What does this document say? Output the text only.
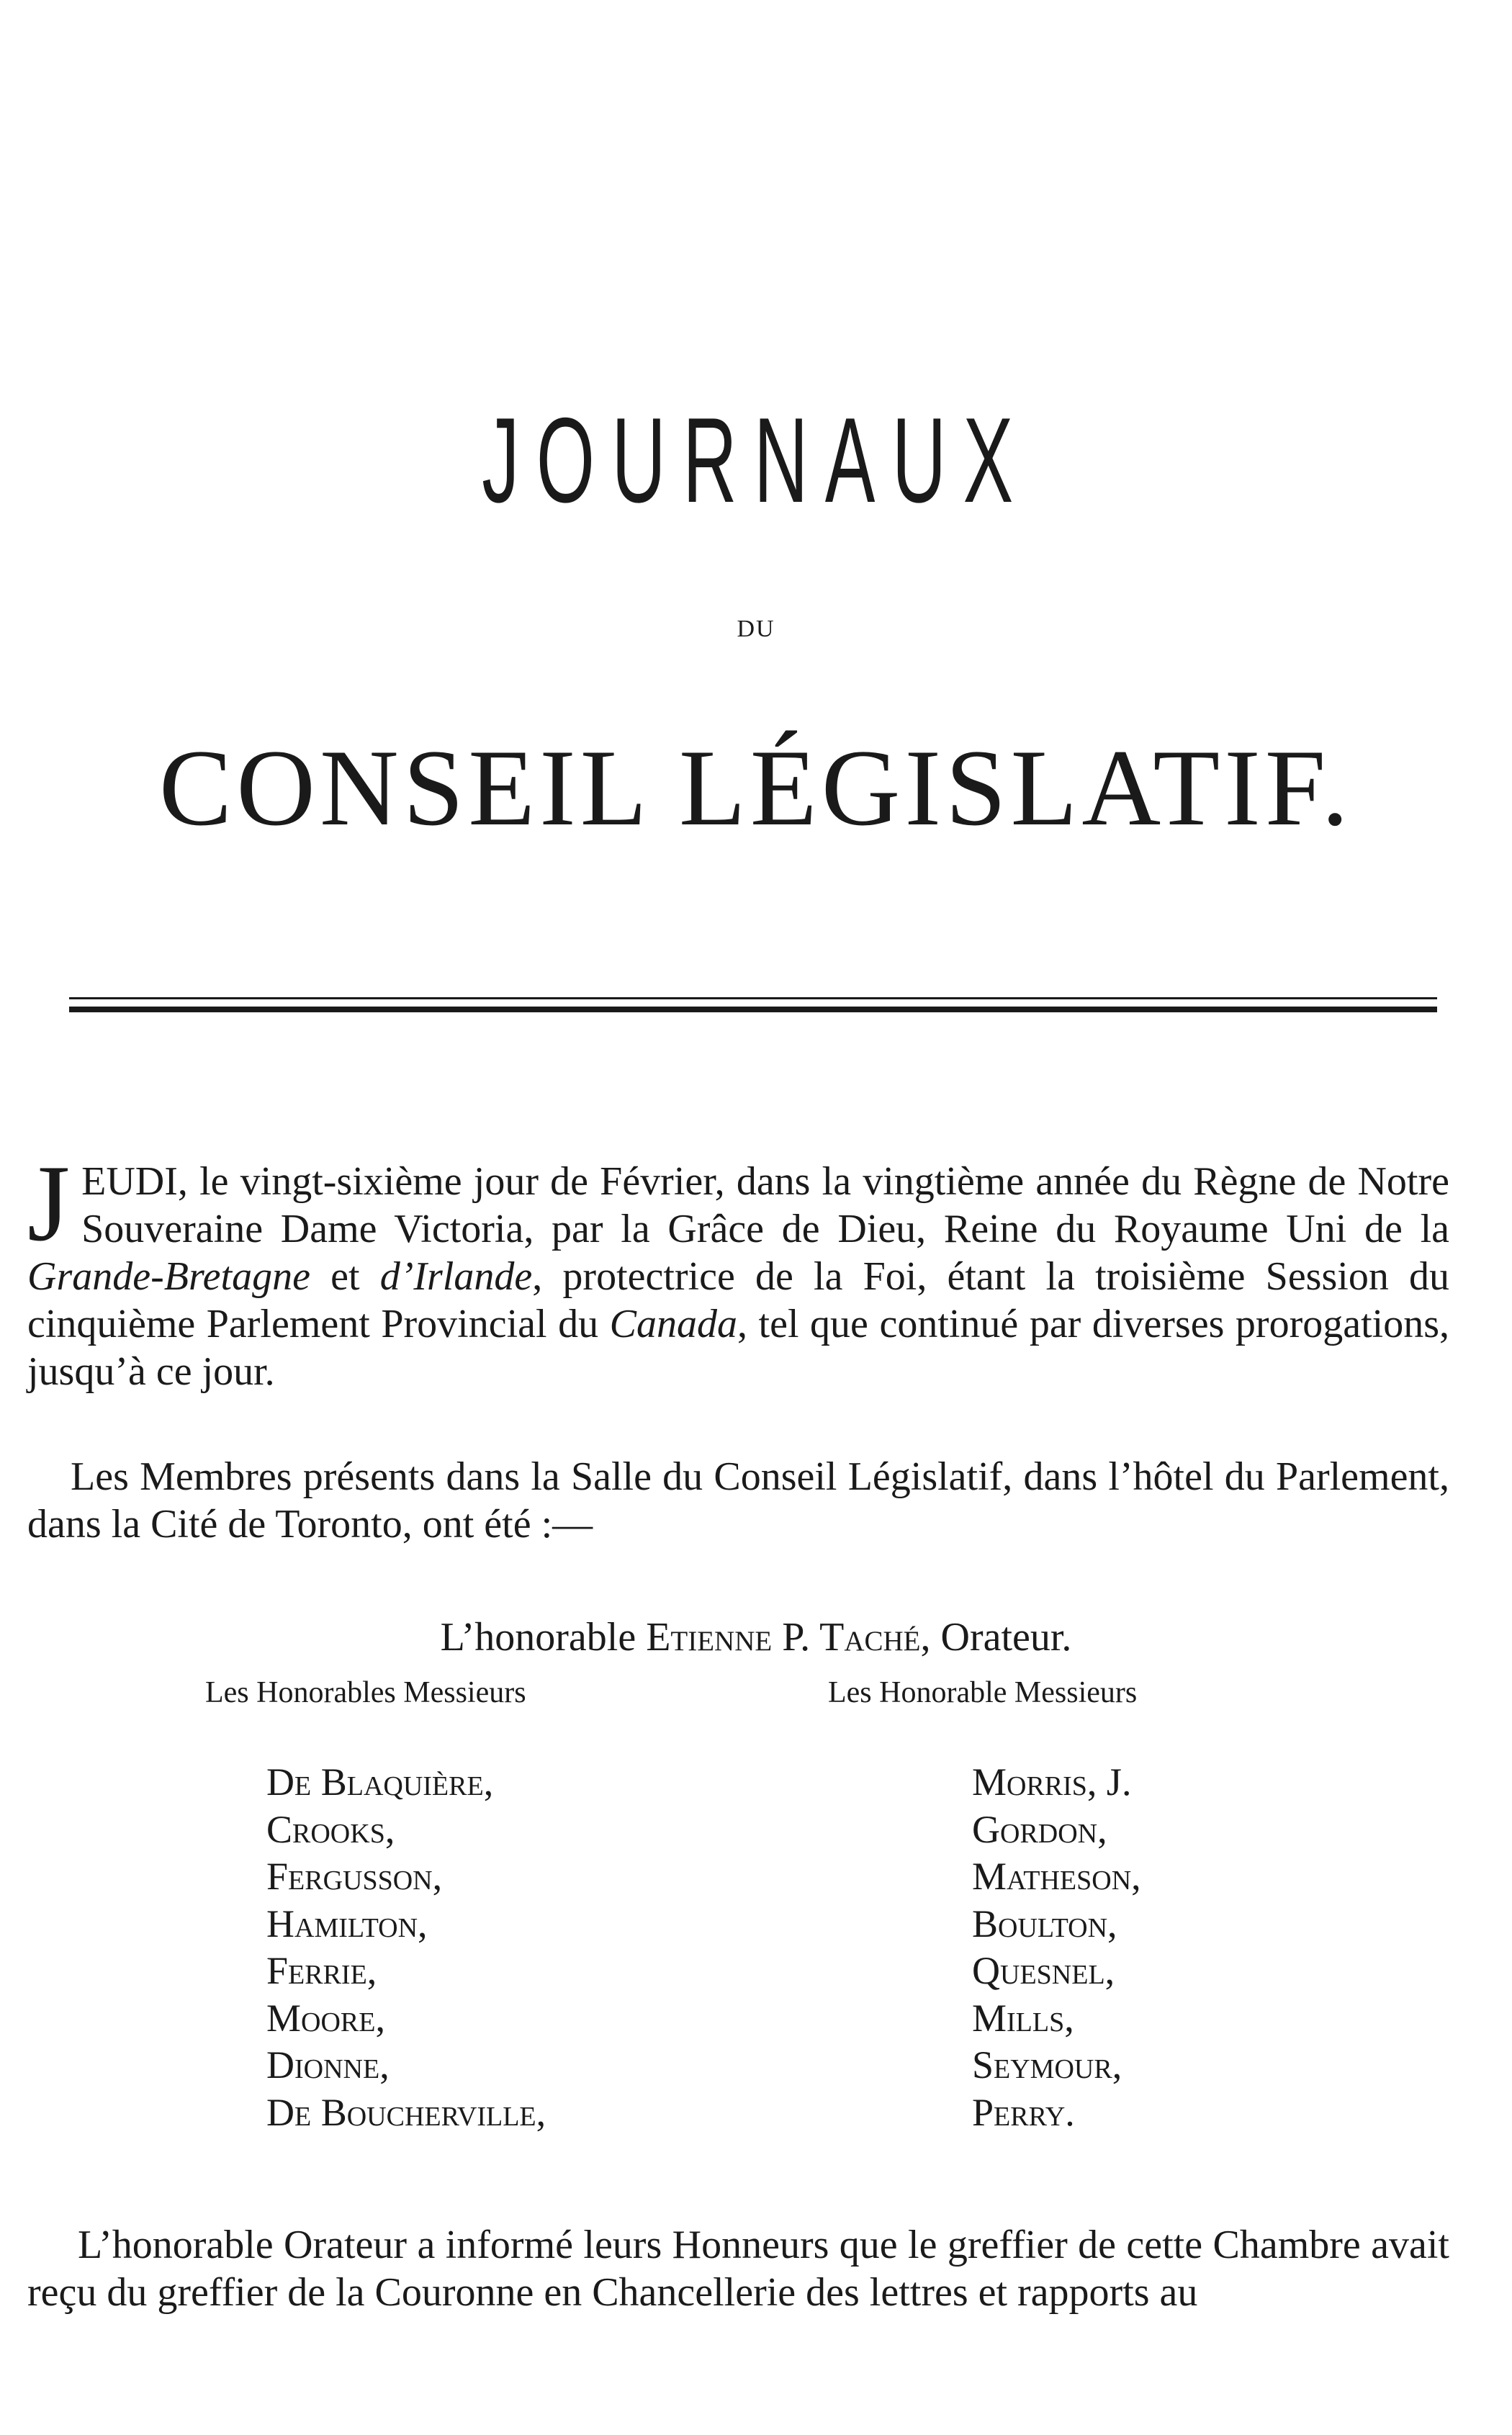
JOURNAUX
DU
CONSEIL LÉGISLATIF.

JEUDI, le vingt-sixième jour de Février, dans la vingtième année du Règne de Notre Souveraine Dame Victoria, par la Grâce de Dieu, Reine du Royaume Uni de la Grande-Bretagne et d’Irlande, protectrice de la Foi, étant la troisième Session du cinquième Parlement Provincial du Canada, tel que continué par diverses prorogations, jusqu’à ce jour.

Les Membres présents dans la Salle du Conseil Législatif, dans l’hôtel du Parlement, dans la Cité de Toronto, ont été :—

L’honorable Etienne P. Taché, Orateur.
Les Honorables Messieurs	Les Honorable Messieurs
De Blaquière,
Crooks,
Fergusson,
Hamilton,
Ferrie,
Moore,
Dionne,
De Boucherville,
Morris, J.
Gordon,
Matheson,
Boulton,
Quesnel,
Mills,
Seymour,
Perry.

L’honorable Orateur a informé leurs Honneurs que le greffier de cette Chambre avait reçu du greffier de la Couronne en Chancellerie des lettres et rapports au
